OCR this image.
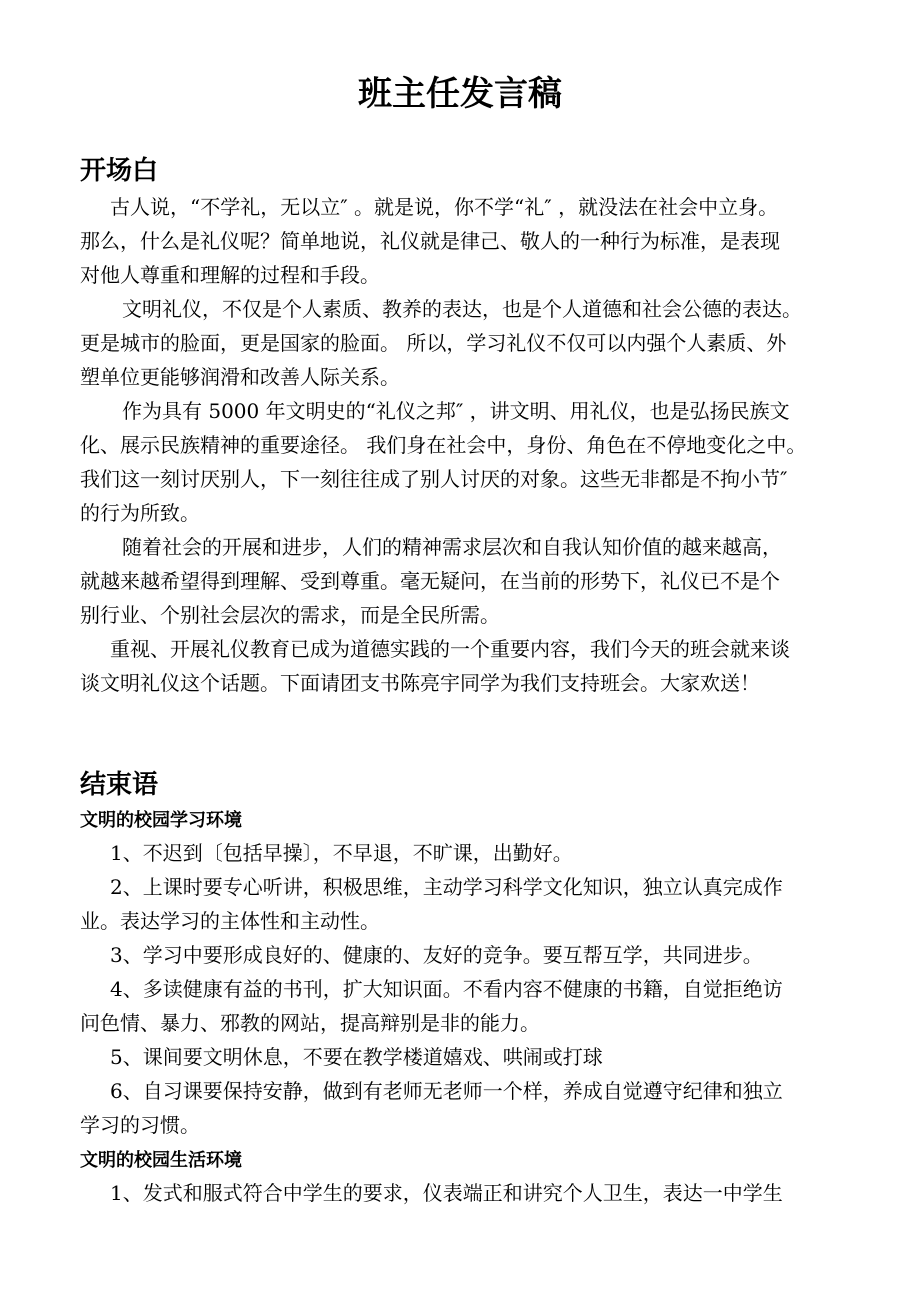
班主任发言稿
开场白
古人说，“不学礼，无以立″ 。就是说，你不学“礼″ ，就没法在社会中立身。
那么，什么是礼仪呢？简单地说，礼仪就是律己、敬人的一种行为标准，是表现
对他人尊重和理解的过程和手段。
文明礼仪，不仅是个人素质、教养的表达，也是个人道德和社会公德的表达。
更是城市的脸面，更是国家的脸面。 所以，学习礼仪不仅可以内强个人素质、外
塑单位更能够润滑和改善人际关系。
作为具有 5000 年文明史的“礼仪之邦″ ，讲文明、用礼仪，也是弘扬民族文
化、展示民族精神的重要途径。 我们身在社会中，身份、角色在不停地变化之中。
我们这一刻讨厌别人，下一刻往往成了别人讨厌的对象。这些无非都是不拘小节″
的行为所致。
随着社会的开展和进步，人们的精神需求层次和自我认知价值的越来越高，
就越来越希望得到理解、受到尊重。毫无疑问，在当前的形势下，礼仪已不是个
别行业、个别社会层次的需求，而是全民所需。
重视、开展礼仪教育已成为道德实践的一个重要内容，我们今天的班会就来谈
谈文明礼仪这个话题。下面请团支书陈亮宇同学为我们支持班会。大家欢送！
结束语
文明的校园学习环境
1、不迟到〔包括早操〕，不早退，不旷课，出勤好。
2、上课时要专心听讲，积极思维，主动学习科学文化知识，独立认真完成作
业。表达学习的主体性和主动性。
3、学习中要形成良好的、健康的、友好的竞争。要互帮互学，共同进步。
4、多读健康有益的书刊，扩大知识面。不看内容不健康的书籍，自觉拒绝访
问色情、暴力、邪教的网站，提高辩别是非的能力。
5、课间要文明休息，不要在教学楼道嬉戏、哄闹或打球
6、自习课要保持安静，做到有老师无老师一个样，养成自觉遵守纪律和独立
学习的习惯。
文明的校园生活环境
1、发式和服式符合中学生的要求，仪表端正和讲究个人卫生，表达一中学生
